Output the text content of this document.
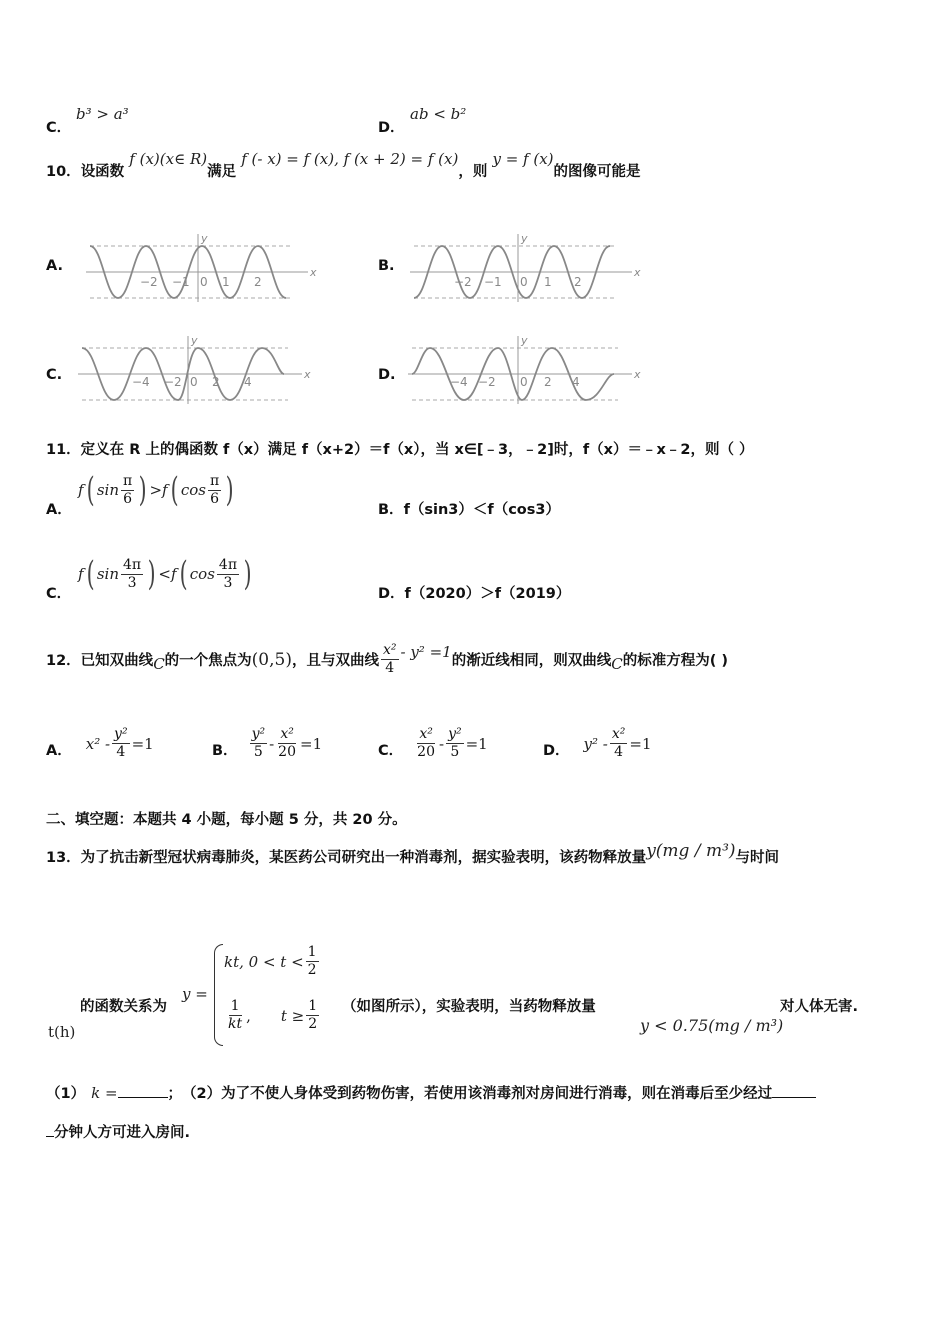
C．
b³ > a³
D．
ab < b²
10．设函数 f (x)(x∈ R)满足 f (- x) = f (x), f (x + 2) = f (x)，则 y = f (x)的图像可能是
A.
−2 −1 0 1 2
x
y
B.
−2 −1 0 1 2
x
y
C.	−4 −2 0 2 4
x
y
D.	−4 −2 0 2 4
x
y
11．定义在 R 上的偶函数 f（x）满足 f（x+2）＝f（x），当 x∈[﹣3，﹣2]时，f（x）＝﹣x﹣2，则（ ）
A．
f ( $\sin \frac{\pi}{6}$ ) > f ( $\cos \frac{\pi}{6}$ )	B．f（sin3）＜f（cos3）
C．
f ( $\sin \frac{4\pi}{3}$ ) < f ( $\cos \frac{4\pi}{3}$ )	D．f（2020）＞f（2019）
12．已知双曲线 C 的一个焦点为 (0,5) ，且与双曲线 $\frac{\text{x²}}{4} - y^2 =1$
的渐近线相同，则双曲线 C 的标准方程为( )
A． $x^2 - \frac{\text{y²}}{4} =1$	B． $\frac{\text{y²}}{5} - \frac{\text{x²}}{20} =1$	C． $\frac{\text{x²}}{20} - \frac{\text{y²}}{5} =1$	D． $y^2 - \frac{\text{x²}}{4} =1$
二、填空题：本题共 4 小题，每小题 5 分，共 20 分。
13．为了抗击新型冠状病毒肺炎，某医药公司研究出一种消毒剂，据实验表明，该药物释放量y(mg / m³)与时间
的函数关系为
y =
kt, $0 < t < \frac{1}{2}$
$\frac{1}{kt}$ , $t \ge \frac{1}{2}$ （如图所示），实验表明，当药物释放量	对人体无害.
t(h)	y < 0.75(mg / m³)
（1） k =	； （2）为了不使人身体受到药物伤害，若使用该消毒剂对房间进行消毒，则在消毒后至少经过
分钟人方可进入房间.
